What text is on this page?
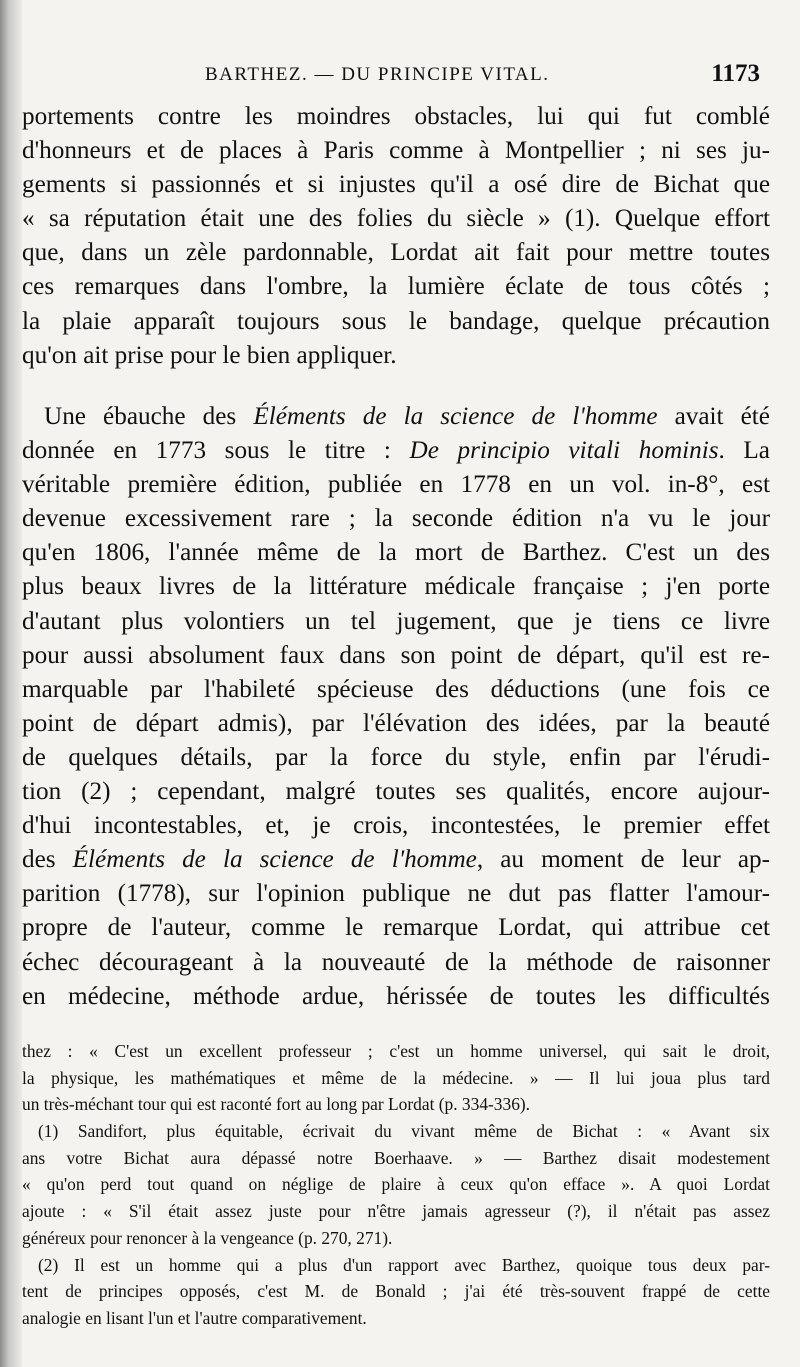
BARTHEZ. — DU PRINCIPE VITAL.	1173
portements contre les moindres obstacles, lui qui fut comblé
d'honneurs et de places à Paris comme à Montpellier ; ni ses ju-
gements si passionnés et si injustes qu'il a osé dire de Bichat que
« sa réputation était une des folies du siècle » (1). Quelque effort
que, dans un zèle pardonnable, Lordat ait fait pour mettre toutes
ces remarques dans l'ombre, la lumière éclate de tous côtés ;
la plaie apparaît toujours sous le bandage, quelque précaution
qu'on ait prise pour le bien appliquer.
Une ébauche des Éléments de la science de l'homme avait été
donnée en 1773 sous le titre : De principio vitali hominis. La
véritable première édition, publiée en 1778 en un vol. in-8°, est
devenue excessivement rare ; la seconde édition n'a vu le jour
qu'en 1806, l'année même de la mort de Barthez. C'est un des
plus beaux livres de la littérature médicale française ; j'en porte
d'autant plus volontiers un tel jugement, que je tiens ce livre
pour aussi absolument faux dans son point de départ, qu'il est re-
marquable par l'habileté spécieuse des déductions (une fois ce
point de départ admis), par l'élévation des idées, par la beauté
de quelques détails, par la force du style, enfin par l'érudi-
tion (2) ; cependant, malgré toutes ses qualités, encore aujour-
d'hui incontestables, et, je crois, incontestées, le premier effet
des Éléments de la science de l'homme, au moment de leur ap-
parition (1778), sur l'opinion publique ne dut pas flatter l'amour-
propre de l'auteur, comme le remarque Lordat, qui attribue cet
échec décourageant à la nouveauté de la méthode de raisonner
en médecine, méthode ardue, hérissée de toutes les difficultés
thez : « C'est un excellent professeur ; c'est un homme universel, qui sait le droit,
la physique, les mathématiques et même de la médecine. » — Il lui joua plus tard
un très-méchant tour qui est raconté fort au long par Lordat (p. 334-336).
(1) Sandifort, plus équitable, écrivait du vivant même de Bichat : « Avant six
ans votre Bichat aura dépassé notre Boerhaave. » — Barthez disait modestement
« qu'on perd tout quand on néglige de plaire à ceux qu'on efface ». A quoi Lordat
ajoute : « S'il était assez juste pour n'être jamais agresseur (?), il n'était pas assez
généreux pour renoncer à la vengeance (p. 270, 271).
(2) Il est un homme qui a plus d'un rapport avec Barthez, quoique tous deux par-
tent de principes opposés, c'est M. de Bonald ; j'ai été très-souvent frappé de cette
analogie en lisant l'un et l'autre comparativement.
